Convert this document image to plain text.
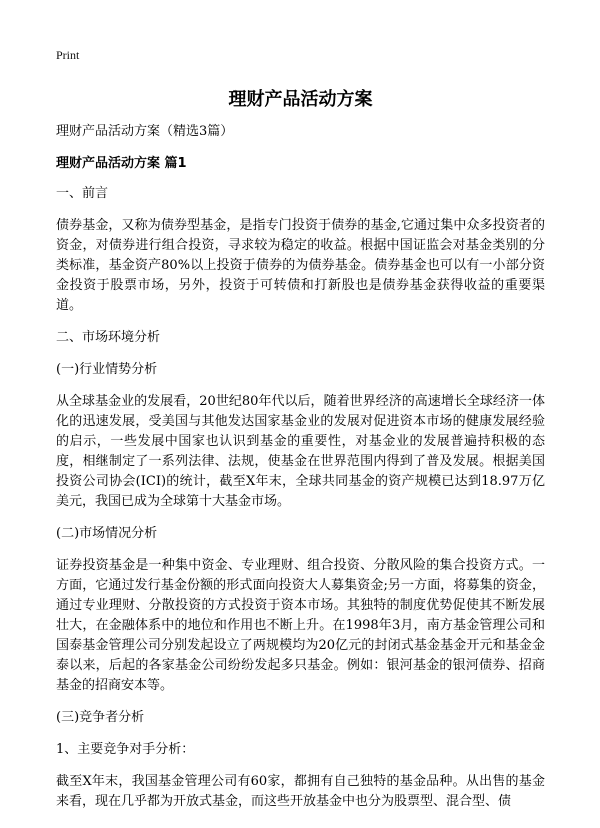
Print
理财产品活动方案
理财产品活动方案（精选3篇）
理财产品活动方案 篇1
一、前言
债券基金，又称为债券型基金，是指专门投资于债券的基金,它通过集中众多投资者的资金，对债券进行组合投资，寻求较为稳定的收益。根据中国证监会对基金类别的分类标准，基金资产80%以上投资于债券的为债券基金。债券基金也可以有一小部分资金投资于股票市场，另外，投资于可转债和打新股也是债券基金获得收益的重要渠道。
二、市场环境分析
(一)行业情势分析
从全球基金业的发展看，20世纪80年代以后，随着世界经济的高速增长全球经济一体化的迅速发展，受美国与其他发达国家基金业的发展对促进资本市场的健康发展经验的启示，一些发展中国家也认识到基金的重要性，对基金业的发展普遍持积极的态度，相继制定了一系列法律、法规，使基金在世界范围内得到了普及发展。根据美国投资公司协会(ICI)的统计，截至X年末，全球共同基金的资产规模已达到18.97万亿美元，我国已成为全球第十大基金市场。
(二)市场情况分析
证券投资基金是一种集中资金、专业理财、组合投资、分散风险的集合投资方式。一方面，它通过发行基金份额的形式面向投资大人募集资金;另一方面，将募集的资金，通过专业理财、分散投资的方式投资于资本市场。其独特的制度优势促使其不断发展壮大，在金融体系中的地位和作用也不断上升。在1998年3月，南方基金管理公司和国泰基金管理公司分别发起设立了两规模均为20亿元的封闭式基金基金开元和基金金泰以来，后起的各家基金公司纷纷发起多只基金。例如：银河基金的银河债券、招商基金的招商安本等。
(三)竞争者分析
1、主要竞争对手分析：
截至X年末，我国基金管理公司有60家，都拥有自己独特的基金品种。从出售的基金来看，现在几乎都为开放式基金，而这些开放基金中也分为股票型、混合型、债
